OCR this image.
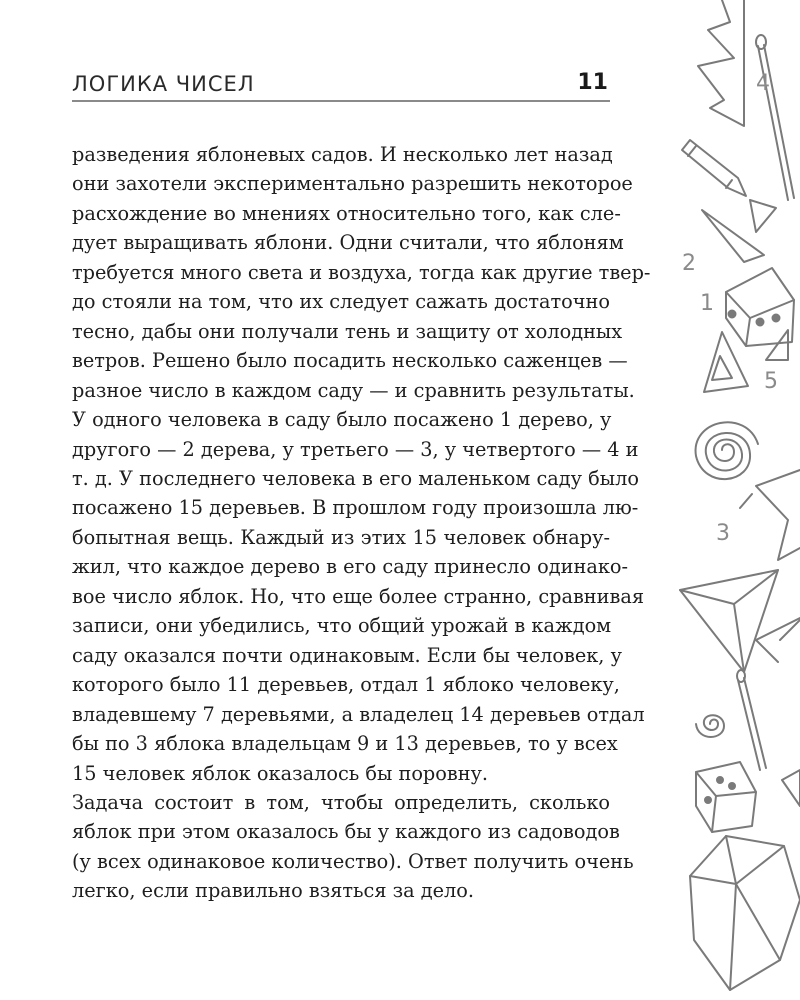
ЛОГИКА ЧИСЕЛ	11

разведения яблоневых садов. И несколько лет назад
они захотели экспериментально разрешить некоторое
расхождение во мнениях относительно того, как сле-
дует выращивать яблони. Одни считали, что яблоням
требуется много света и воздуха, тогда как другие твер-
до стояли на том, что их следует сажать достаточно
тесно, дабы они получали тень и защиту от холодных
ветров. Решено было посадить несколько саженцев —
разное число в каждом саду — и сравнить результаты.

У одного человека в саду было посажено 1 дерево, у
другого — 2 дерева, у третьего — 3, у четвертого — 4 и
т. д. У последнего человека в его маленьком саду было
посажено 15 деревьев. В прошлом году произошла лю-
бопытная вещь. Каждый из этих 15 человек обнару-
жил, что каждое дерево в его саду принесло одинако-
вое число яблок. Но, что еще более странно, сравнивая
записи, они убедились, что общий урожай в каждом
саду оказался почти одинаковым. Если бы человек, у
которого было 11 деревьев, отдал 1 яблоко человеку,
владевшему 7 деревьями, а владелец 14 деревьев отдал
бы по 3 яблока владельцам 9 и 13 деревьев, то у всех
15 человек яблок оказалось бы поровну.

Задача состоит в том, чтобы определить, сколько
яблок при этом оказалось бы у каждого из садоводов
(у всех одинаковое количество). Ответ получить очень
легко, если правильно взяться за дело.

4
2
1
5
3
